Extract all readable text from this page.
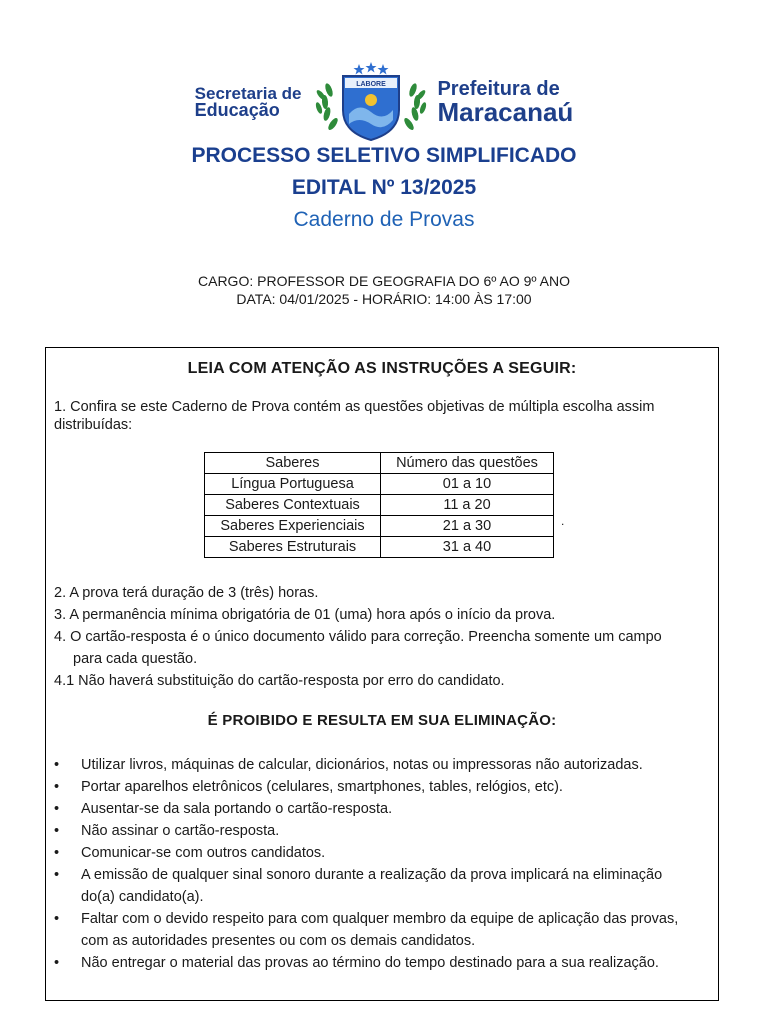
Secretaria de
Educação
LABORE	Prefeitura de
Maracanaú
PROCESSO SELETIVO SIMPLIFICADO
EDITAL Nº 13/2025
Caderno de Provas
CARGO: PROFESSOR DE GEOGRAFIA DO 6º AO 9º ANO
DATA: 04/01/2025 - HORÁRIO: 14:00 ÀS 17:00
LEIA COM ATENÇÃO AS INSTRUÇÕES A SEGUIR:
1. Confira se este Caderno de Prova contém as questões objetivas de múltipla escolha assim distribuídas:
Saberes	Número das questões
Língua Portuguesa	01 a 10
Saberes Contextuais	11 a 20
Saberes Experienciais	21 a 30
Saberes Estruturais	31 a 40
.
2. A prova terá duração de 3 (três) horas.
3. A permanência mínima obrigatória de 01 (uma) hora após o início da prova.
4. O cartão-resposta é o único documento válido para correção. Preencha somente um campo
para cada questão.
4.1 Não haverá substituição do cartão-resposta por erro do candidato.
É PROIBIDO E RESULTA EM SUA ELIMINAÇÃO:
•	Utilizar livros, máquinas de calcular, dicionários, notas ou impressoras não autorizadas.
•	Portar aparelhos eletrônicos (celulares, smartphones, tables, relógios, etc).
•	Ausentar-se da sala portando o cartão-resposta.
•	Não assinar o cartão-resposta.
•	Comunicar-se com outros candidatos.
•	A emissão de qualquer sinal sonoro durante a realização da prova implicará na eliminação
do(a) candidato(a).
•	Faltar com o devido respeito para com qualquer membro da equipe de aplicação das provas,
com as autoridades presentes ou com os demais candidatos.
•	Não entregar o material das provas ao término do tempo destinado para a sua realização.
